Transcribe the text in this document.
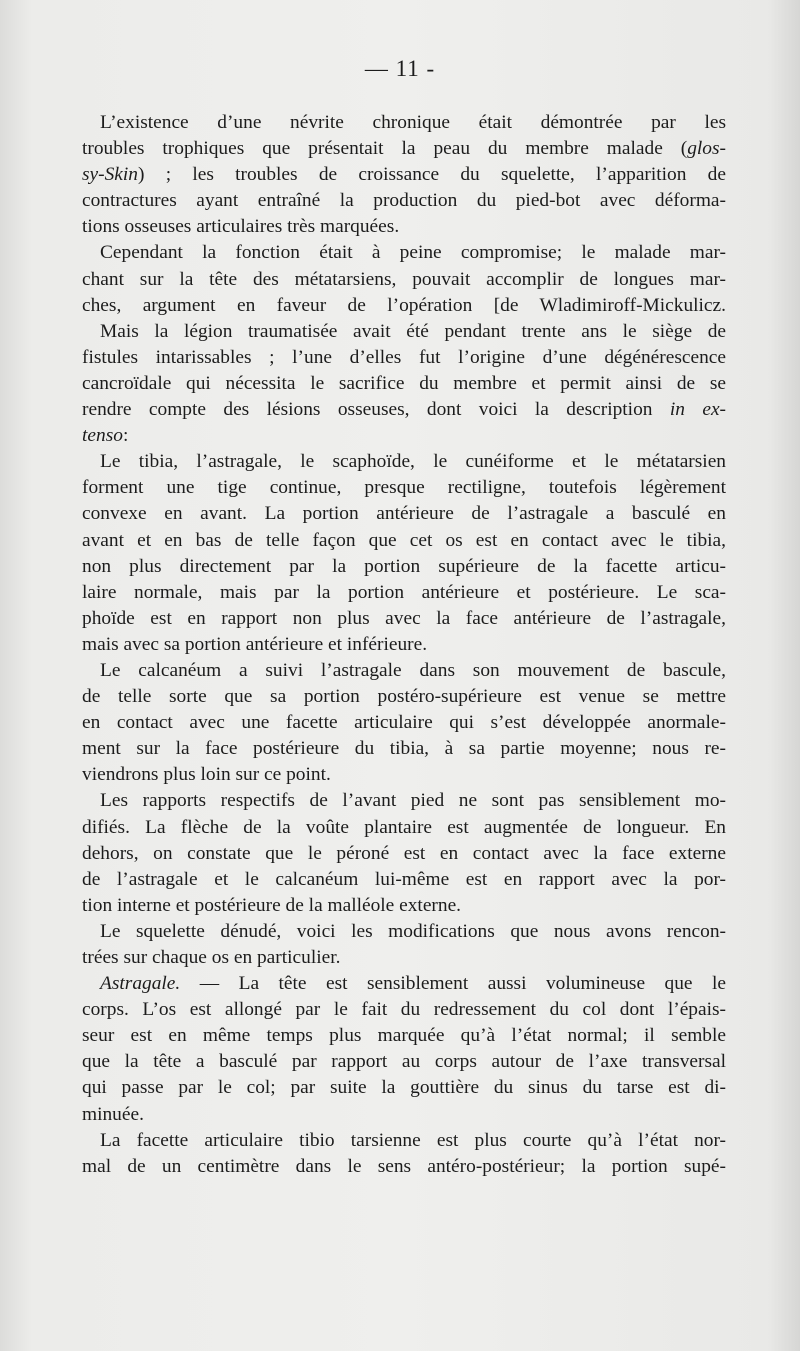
— 11 -
L’existence d’une névrite chronique était démontrée par les
troubles trophiques que présentait la peau du membre malade (glos-
sy-Skin) ; les troubles de croissance du squelette, l’apparition de
contractures ayant entraîné la production du pied-bot avec déforma-
tions osseuses articulaires très marquées.
Cependant la fonction était à peine compromise; le malade mar-
chant sur la tête des métatarsiens, pouvait accomplir de longues mar-
ches, argument en faveur de l’opération [de Wladimiroff-Mickulicz.
Mais la légion traumatisée avait été pendant trente ans le siège de
fistules intarissables ; l’une d’elles fut l’origine d’une dégénérescence
cancroïdale qui nécessita le sacrifice du membre et permit ainsi de se
rendre compte des lésions osseuses, dont voici la description in ex-
tenso:
Le tibia, l’astragale, le scaphoïde, le cunéiforme et le métatarsien
forment une tige continue, presque rectiligne, toutefois légèrement
convexe en avant. La portion antérieure de l’astragale a basculé en
avant et en bas de telle façon que cet os est en contact avec le tibia,
non plus directement par la portion supérieure de la facette articu-
laire normale, mais par la portion antérieure et postérieure. Le sca-
phoïde est en rapport non plus avec la face antérieure de l’astragale,
mais avec sa portion antérieure et inférieure.
Le calcanéum a suivi l’astragale dans son mouvement de bascule,
de telle sorte que sa portion postéro-supérieure est venue se mettre
en contact avec une facette articulaire qui s’est développée anormale-
ment sur la face postérieure du tibia, à sa partie moyenne; nous re-
viendrons plus loin sur ce point.
Les rapports respectifs de l’avant pied ne sont pas sensiblement mo-
difiés. La flèche de la voûte plantaire est augmentée de longueur. En
dehors, on constate que le péroné est en contact avec la face externe
de l’astragale et le calcanéum lui-même est en rapport avec la por-
tion interne et postérieure de la malléole externe.
Le squelette dénudé, voici les modifications que nous avons rencon-
trées sur chaque os en particulier.
Astragale. — La tête est sensiblement aussi volumineuse que le
corps. L’os est allongé par le fait du redressement du col dont l’épais-
seur est en même temps plus marquée qu’à l’état normal; il semble
que la tête a basculé par rapport au corps autour de l’axe transversal
qui passe par le col; par suite la gouttière du sinus du tarse est di-
minuée.
La facette articulaire tibio tarsienne est plus courte qu’à l’état nor-
mal de un centimètre dans le sens antéro-postérieur; la portion supé-
